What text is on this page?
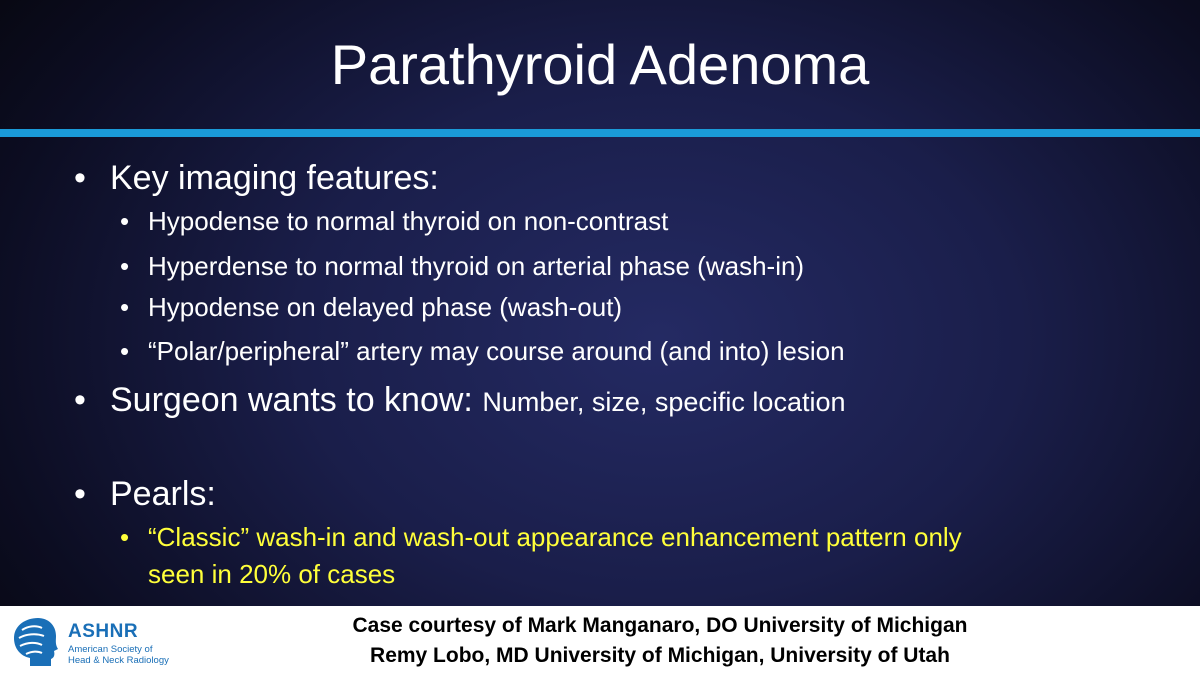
Parathyroid Adenoma
• Key imaging features:
• Hypodense to normal thyroid on non-contrast
• Hyperdense to normal thyroid on arterial phase (wash-in)
• Hypodense on delayed phase (wash-out)
• “Polar/peripheral” artery may course around (and into) lesion
• Surgeon wants to know: Number, size, specific location
• Pearls:
• “Classic” wash-in and wash-out appearance enhancement pattern only
seen in 20% of cases
ASHNR
American Society of
Head & Neck Radiology
Case courtesy of Mark Manganaro, DO University of Michigan
Remy Lobo, MD University of Michigan, University of Utah
